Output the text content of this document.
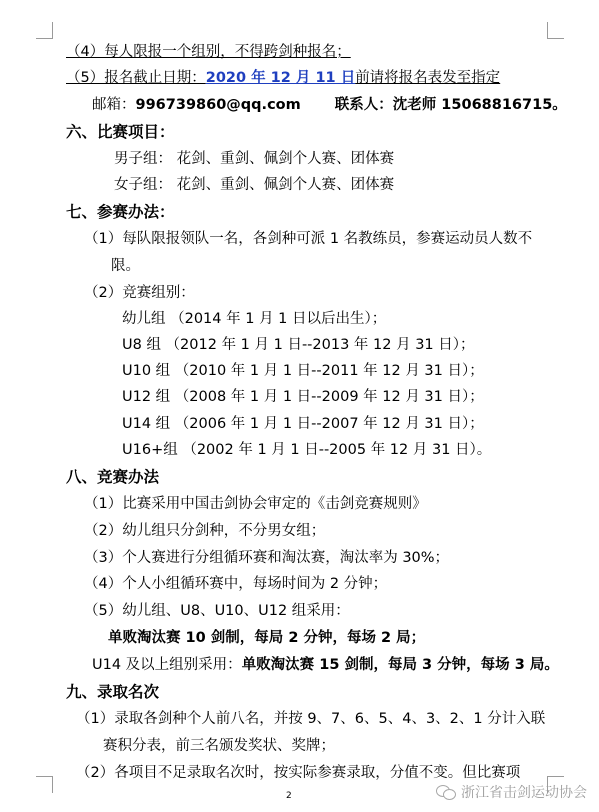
（4）每人限报一个组别，不得跨剑种报名；
（5）报名截止日期：2020 年 12 月 11 日前请将报名表发至指定
邮箱：996739860@qq.com 联系人：沈老师 15068816715。
六、比赛项目：
男子组： 花剑、重剑、佩剑个人赛、团体赛
女子组： 花剑、重剑、佩剑个人赛、团体赛
七、参赛办法：
（1）每队限报领队一名，各剑种可派 1 名教练员，参赛运动员人数不
限。
（2）竞赛组别：
幼儿组 （2014 年 1 月 1 日以后出生）；
U8 组 （2012 年 1 月 1 日--2013 年 12 月 31 日）；
U10 组 （2010 年 1 月 1 日--2011 年 12 月 31 日）；
U12 组 （2008 年 1 月 1 日--2009 年 12 月 31 日）；
U14 组 （2006 年 1 月 1 日--2007 年 12 月 31 日）；
U16+组 （2002 年 1 月 1 日--2005 年 12 月 31 日）。
八、竞赛办法
（1）比赛采用中国击剑协会审定的《击剑竞赛规则》
（2）幼儿组只分剑种，不分男女组；
（3）个人赛进行分组循环赛和淘汰赛，淘汰率为 30%；
（4）个人小组循环赛中，每场时间为 2 分钟；
（5）幼儿组、U8、U10、U12 组采用：
单败淘汰赛 10 剑制，每局 2 分钟，每场 2 局；
U14 及以上组别采用：单败淘汰赛 15 剑制，每局 3 分钟，每场 3 局。
九、录取名次
（1）录取各剑种个人前八名，并按 9、7、6、5、4、3、2、1 分计入联
赛积分表，前三名颁发奖状、奖牌；
（2）各项目不足录取名次时，按实际参赛录取，分值不变。但比赛项
2	浙江省击剑运动协会
